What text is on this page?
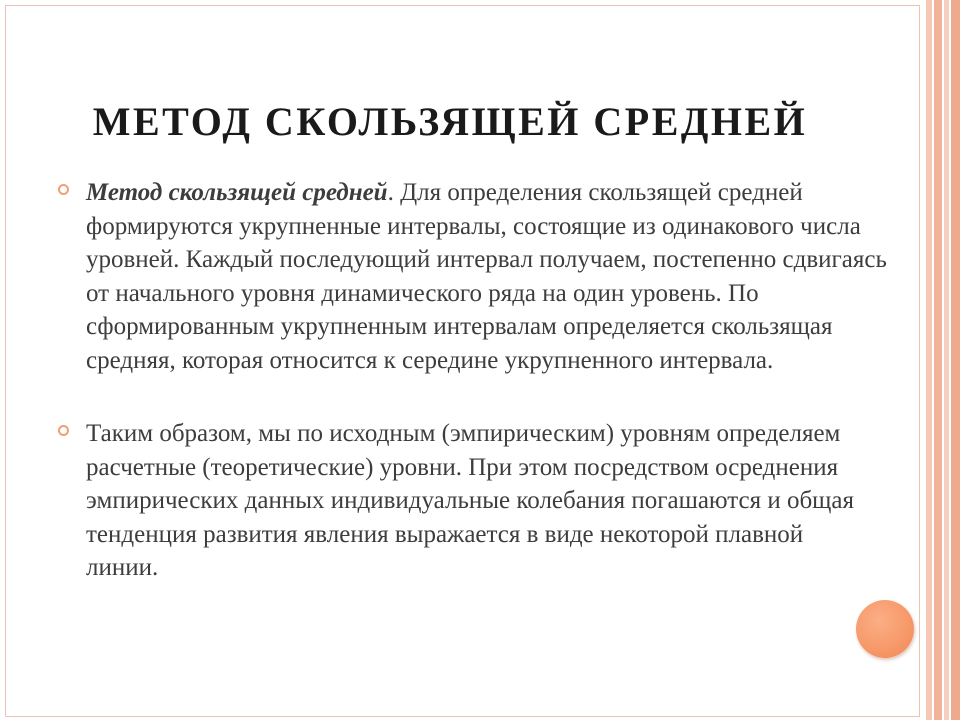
МЕТОД СКОЛЬЗЯЩЕЙ СРЕДНЕЙ
Метод скользящей средней. Для определения скользящей средней формируются укрупненные интервалы, состоящие из одинакового числа уровней. Каждый последующий интервал получаем, постепенно сдвигаясь от начального уровня динамического ряда на один уровень. По сформированным укрупненным интервалам определяется скользящая средняя, которая относится к середине укрупненного интервала.
Таким образом, мы по исходным (эмпирическим) уровням определяем расчетные (теоретические) уровни. При этом посредством осреднения эмпирических данных индивидуальные колебания погашаются и общая тенденция развития явления выражается в виде некоторой плавной линии.
